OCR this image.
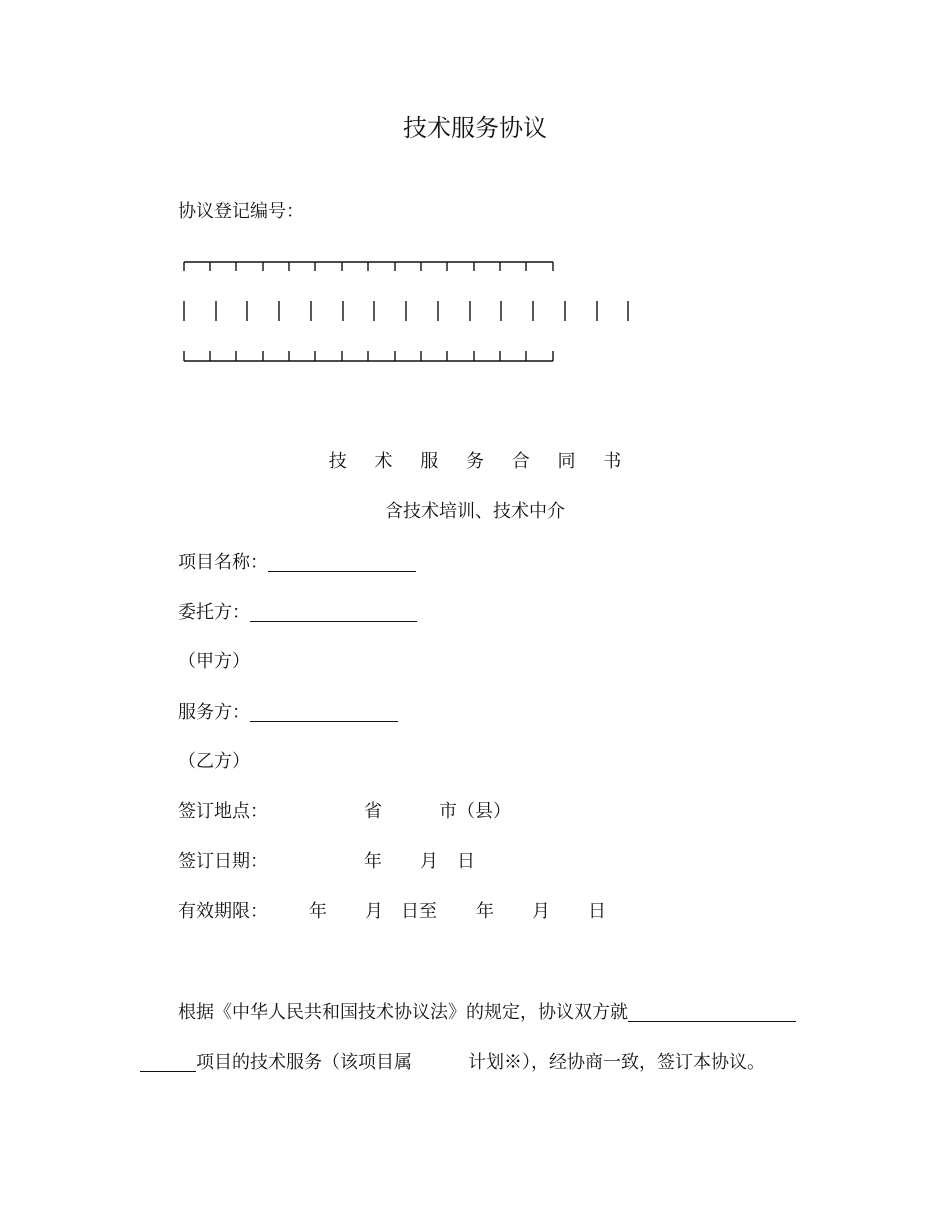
技术服务协议
协议登记编号：
技 术 服 务 合 同 书
含技术培训、技术中介
项目名称：
委托方：
（甲方）
服务方：
（乙方）
签订地点：	省	市（县）
签订日期：	年 月 日
有效期限： 年 月 日至 年 月 日
根据《中华人民共和国技术协议法》的规定，协议双方就
项目的技术服务（该项目属	计划※），经协商一致，签订本协议。
